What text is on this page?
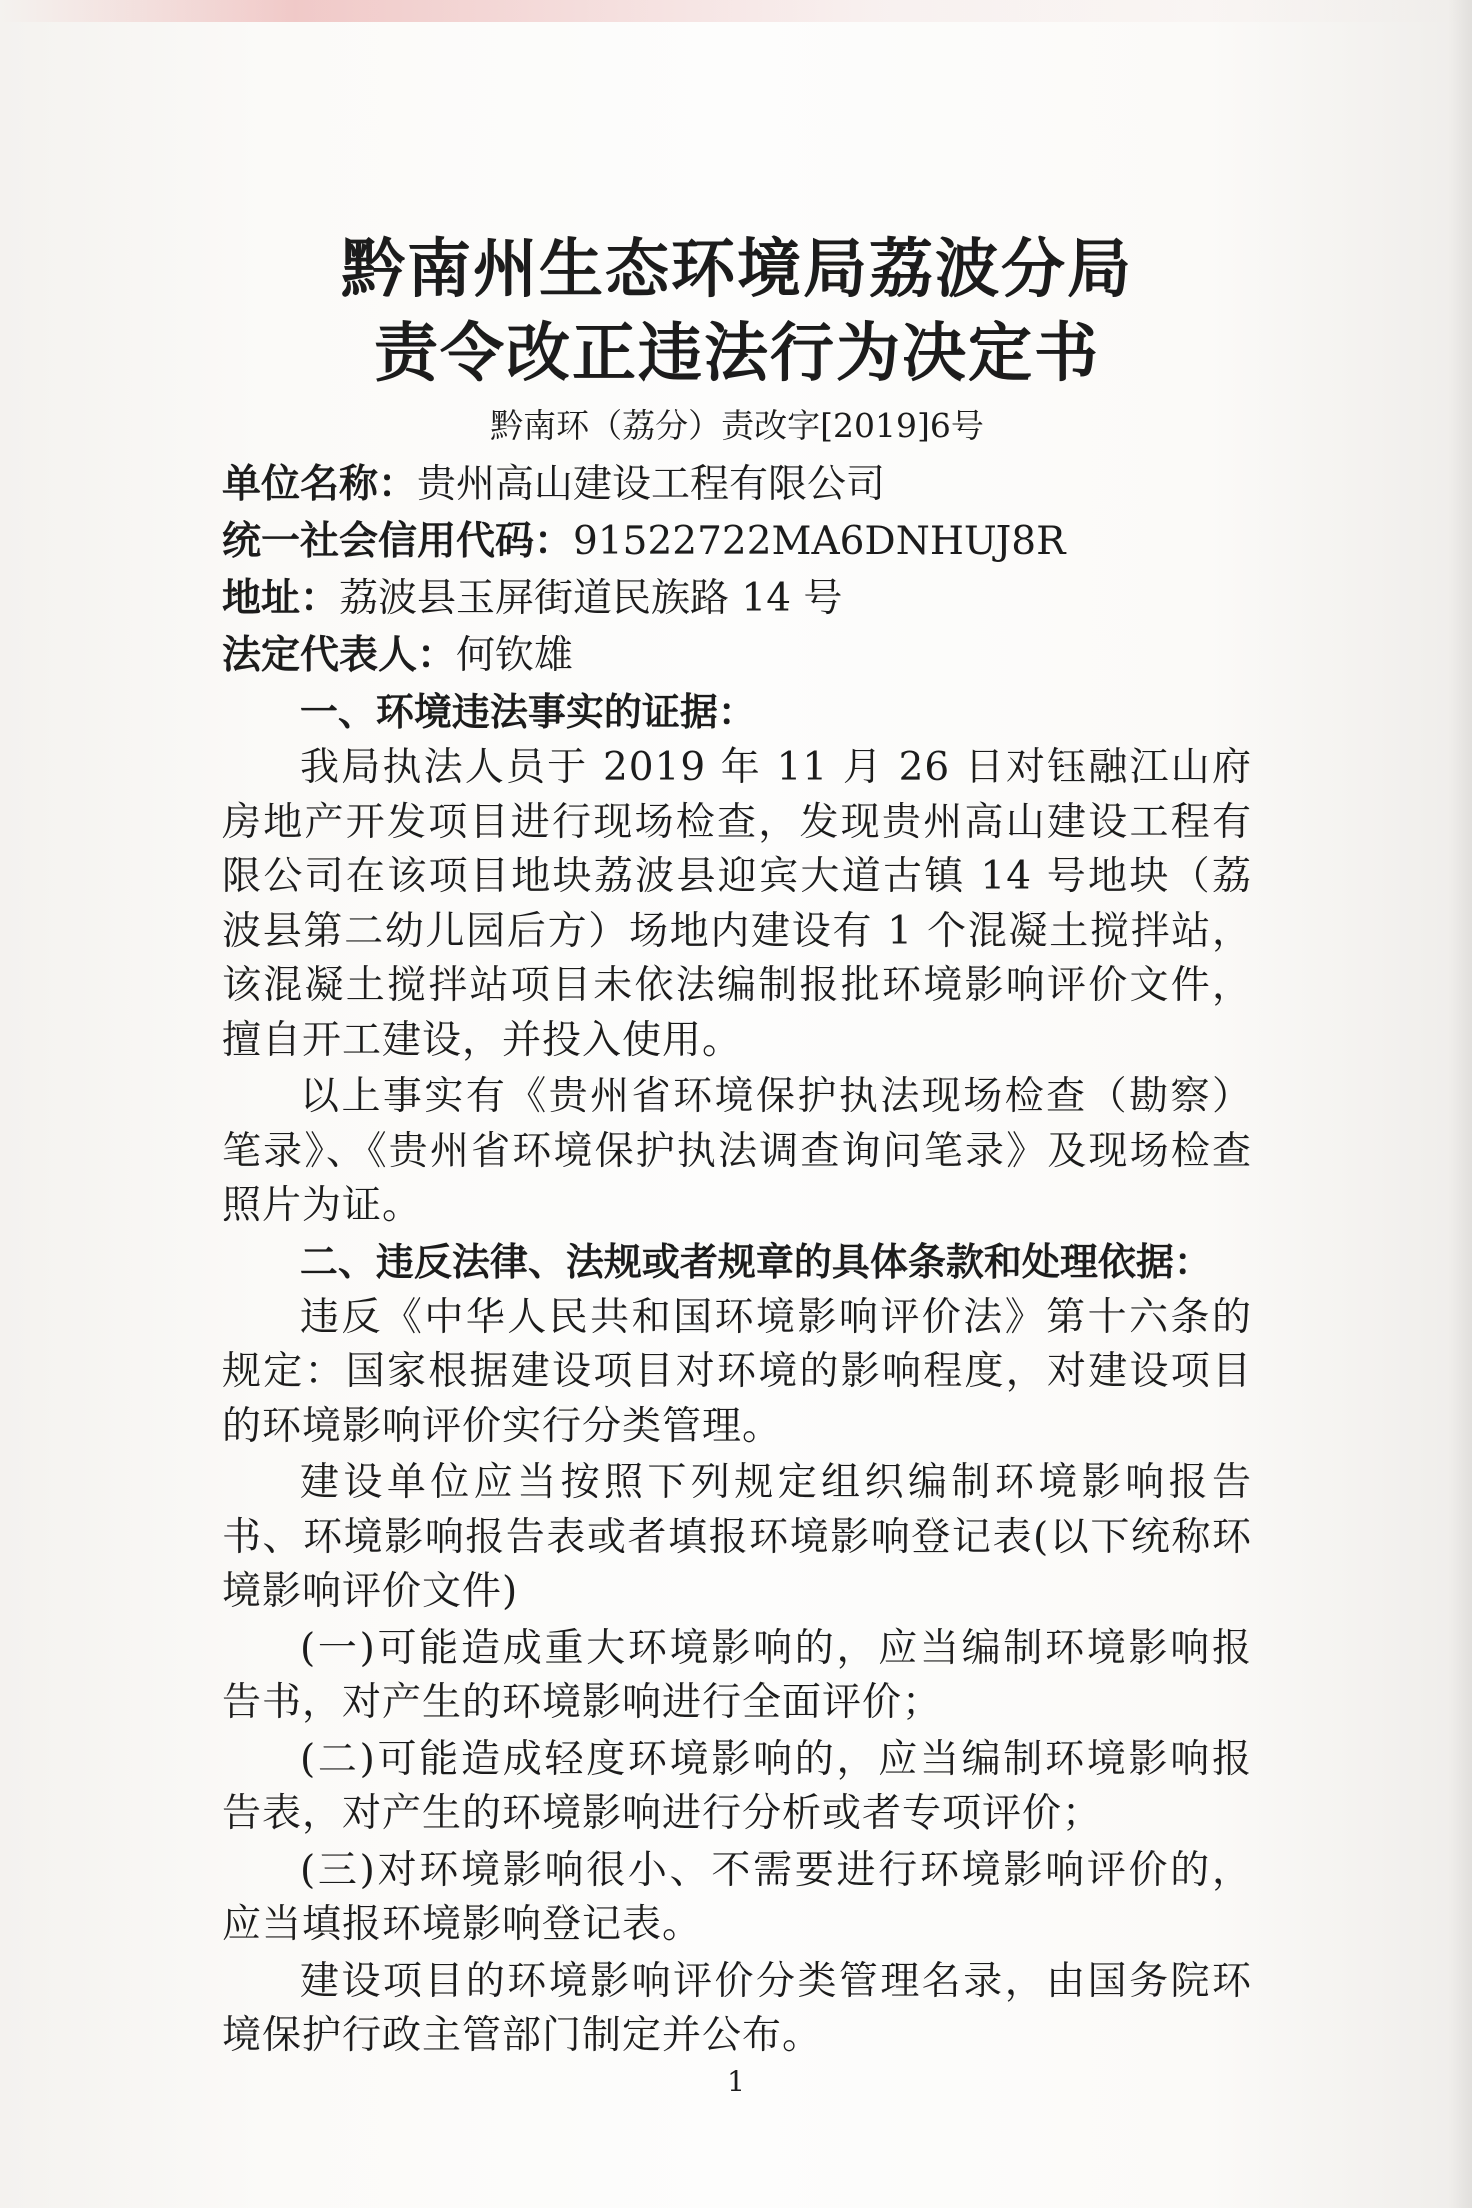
黔南州生态环境局荔波分局
责令改正违法行为决定书
黔南环（荔分）责改字[2019]6号

单位名称：贵州高山建设工程有限公司

统一社会信用代码：91522722MA6DNHUJ8R

地址：荔波县玉屏街道民族路 14 号

法定代表人：何钦雄

一、环境违法事实的证据：

我局执法人员于 2019 年 11 月 26 日对钰融江山府房地产开发项目进行现场检查，发现贵州高山建设工程有限公司在该项目地块荔波县迎宾大道古镇 14 号地块（荔波县第二幼儿园后方）场地内建设有 1 个混凝土搅拌站，该混凝土搅拌站项目未依法编制报批环境影响评价文件，擅自开工建设，并投入使用。

以上事实有《贵州省环境保护执法现场检查（勘察）笔录》、《贵州省环境保护执法调查询问笔录》及现场检查照片为证。

二、违反法律、法规或者规章的具体条款和处理依据：

违反《中华人民共和国环境影响评价法》第十六条的规定：国家根据建设项目对环境的影响程度，对建设项目的环境影响评价实行分类管理。

建设单位应当按照下列规定组织编制环境影响报告书、环境影响报告表或者填报环境影响登记表(以下统称环境影响评价文件)

(一)可能造成重大环境影响的，应当编制环境影响报告书，对产生的环境影响进行全面评价；

(二)可能造成轻度环境影响的，应当编制环境影响报告表，对产生的环境影响进行分析或者专项评价；

(三)对环境影响很小、不需要进行环境影响评价的，应当填报环境影响登记表。

建设项目的环境影响评价分类管理名录，由国务院环境保护行政主管部门制定并公布。

1
